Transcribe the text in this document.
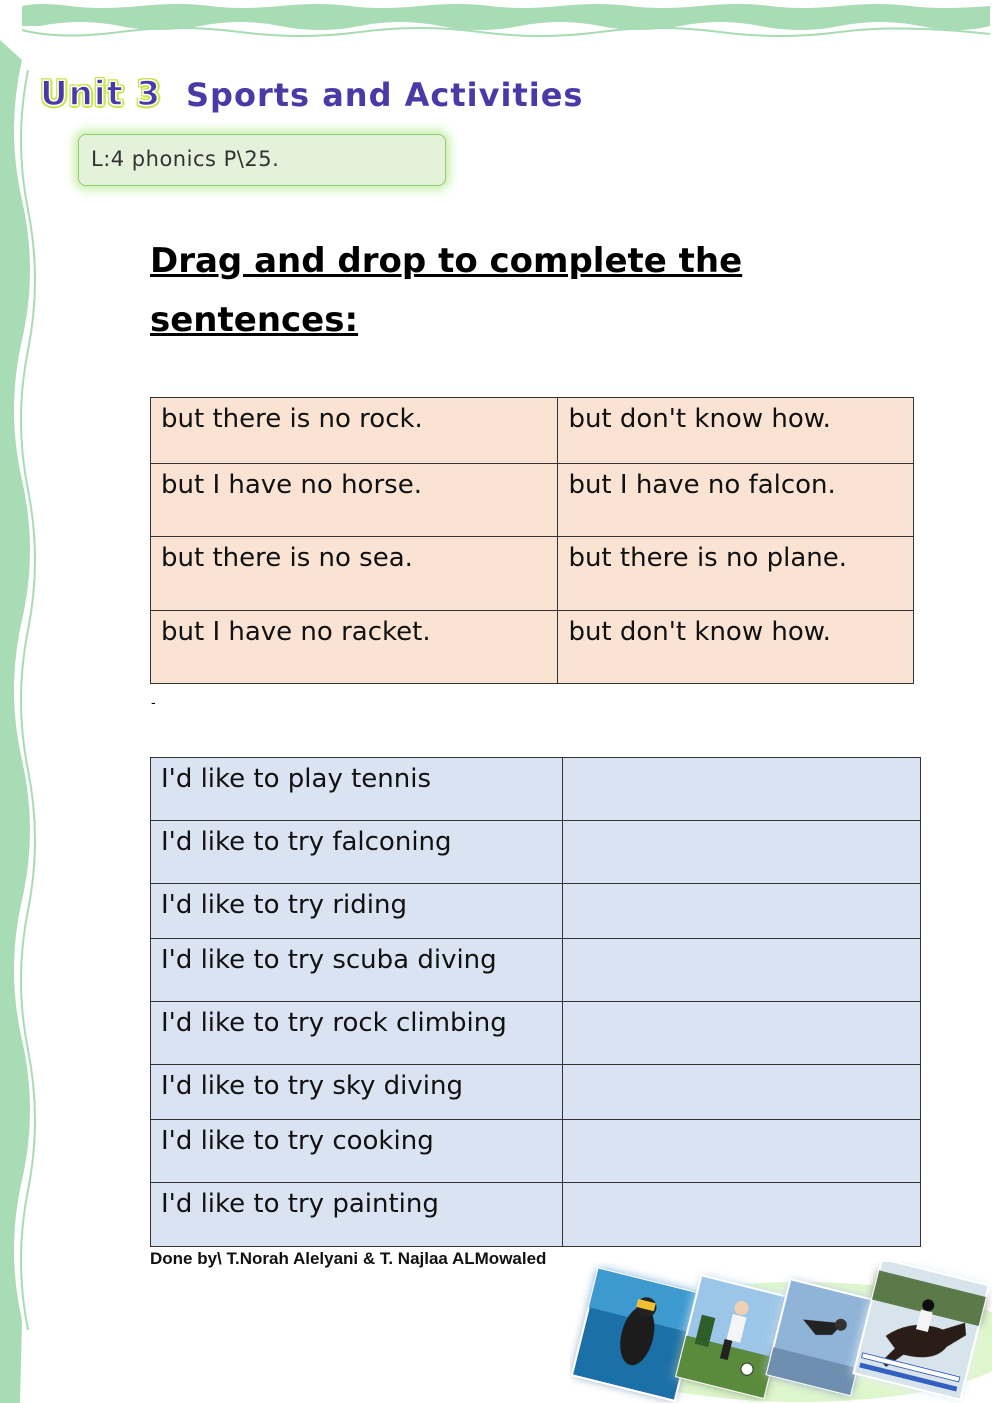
Unit 3 Sports and Activities
L:4 phonics P\25.
Drag and drop to complete the
sentences:
but there is no rock.	but don't know how.
but I have no horse.	but I have no falcon.
but there is no sea.	but there is no plane.
but I have no racket.	but don't know how.
-
I'd like to play tennis	
I'd like to try falconing	
I'd like to try riding	
I'd like to try scuba diving	
I'd like to try rock climbing	
I'd like to try sky diving	
I'd like to try cooking	
I'd like to try painting	
Done by\ T.Norah Alelyani & T. Najlaa ALMowaled
